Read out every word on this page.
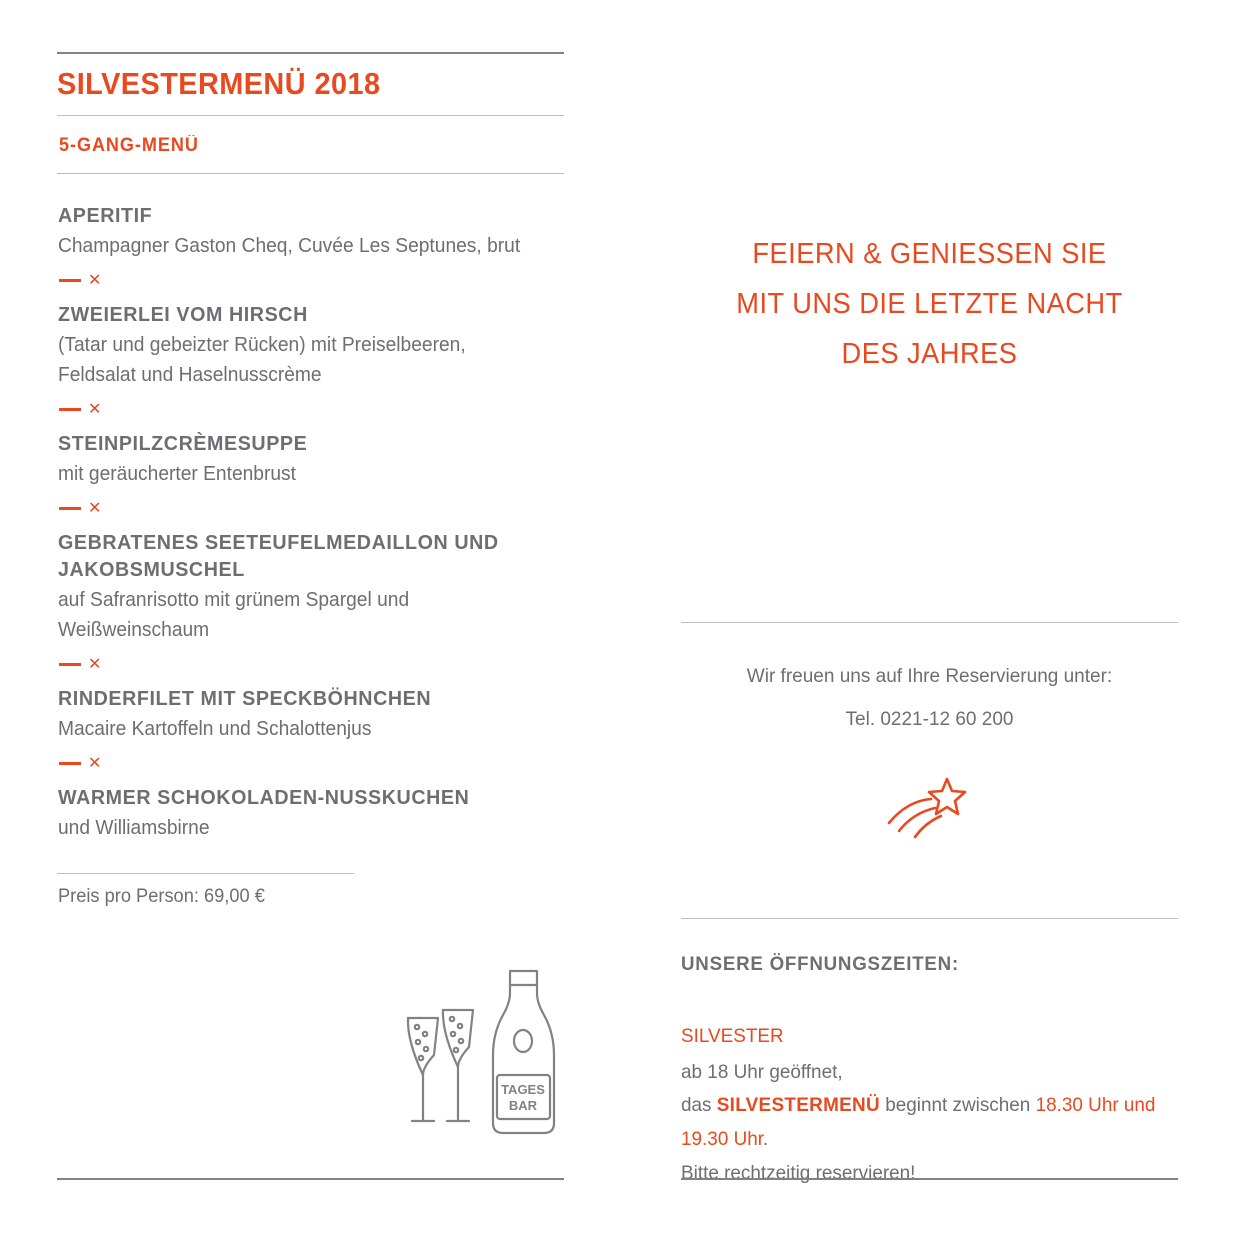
SILVESTERMENÜ 2018
5-GANG-MENÜ
APERITIF
Champagner Gaston Cheq, Cuvée Les Septunes, brut
✕
ZWEIERLEI VOM HIRSCH
(Tatar und gebeizter Rücken) mit Preiselbeeren, Feldsalat und Haselnusscrème
✕
STEINPILZCRÈMESUPPE
mit geräucherter Entenbrust
✕
GEBRATENES SEETEUFELMEDAILLON UND JAKOBSMUSCHEL
auf Safranrisotto mit grünem Spargel und Weißweinschaum
✕
RINDERFILET MIT SPECKBÖHNCHEN
Macaire Kartoffeln und Schalottenjus
✕
WARMER SCHOKOLADEN-NUSSKUCHEN
und Williamsbirne
Preis pro Person: 69,00 €
TAGES
BAR
FEIERN & GENIESSEN SIE
MIT UNS DIE LETZTE NACHT
DES JAHRES
Wir freuen uns auf Ihre Reservierung unter:
Tel. 0221-12 60 200
UNSERE ÖFFNUNGSZEITEN:
SILVESTER
ab 18 Uhr geöffnet,
das SILVESTERMENÜ beginnt zwischen 18.30 Uhr und 19.30 Uhr.
Bitte rechtzeitig reservieren!
